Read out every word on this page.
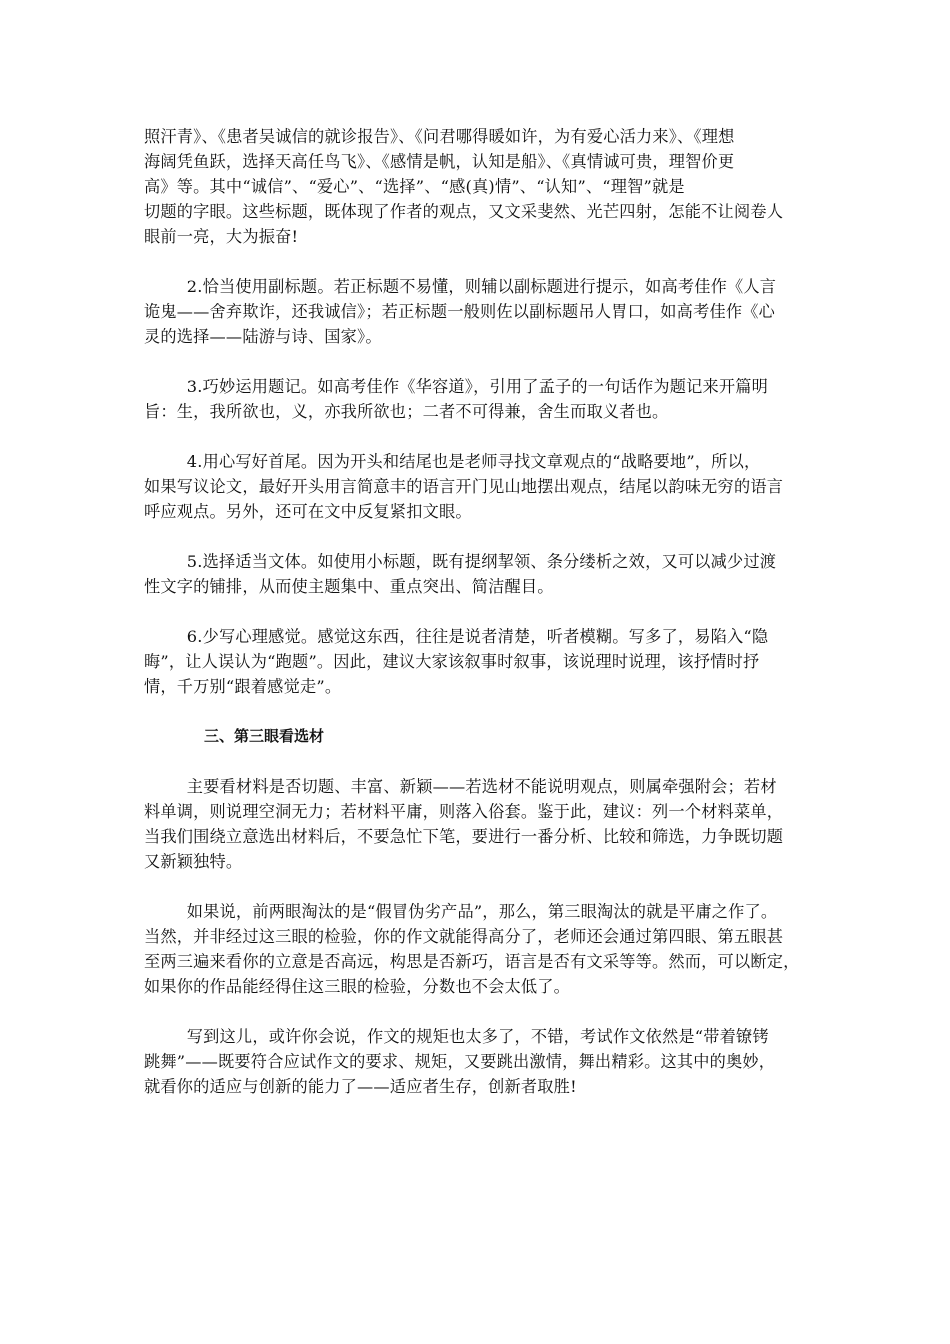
照汗青》、《患者吴诚信的就诊报告》、《问君哪得暖如许，为有爱心活力来》、《理想
海阔凭鱼跃，选择天高任鸟飞》、《感情是帆，认知是船》、《真情诚可贵，理智价更
高》等。其中“诚信”、“爱心”、“选择”、“感(真)情”、“认知”、“理智”就是
切题的字眼。这些标题，既体现了作者的观点，又文采斐然、光芒四射，怎能不让阅卷人
眼前一亮，大为振奋!
2.恰当使用副标题。若正标题不易懂，则辅以副标题进行提示，如高考佳作《人言
诡鬼——舍弃欺诈，还我诚信》；若正标题一般则佐以副标题吊人胃口，如高考佳作《心
灵的选择——陆游与诗、国家》。
3.巧妙运用题记。如高考佳作《华容道》，引用了孟子的一句话作为题记来开篇明
旨：生，我所欲也，义，亦我所欲也；二者不可得兼，舍生而取义者也。
4.用心写好首尾。因为开头和结尾也是老师寻找文章观点的“战略要地”，所以，
如果写议论文，最好开头用言简意丰的语言开门见山地摆出观点，结尾以韵味无穷的语言
呼应观点。另外，还可在文中反复紧扣文眼。
5.选择适当文体。如使用小标题，既有提纲挈领、条分缕析之效，又可以减少过渡
性文字的铺排，从而使主题集中、重点突出、简洁醒目。
6.少写心理感觉。感觉这东西，往往是说者清楚，听者模糊。写多了，易陷入“隐
晦”，让人误认为“跑题”。因此，建议大家该叙事时叙事，该说理时说理，该抒情时抒
情，千万别“跟着感觉走”。
三、第三眼看选材
主要看材料是否切题、丰富、新颖——若选材不能说明观点，则属牵强附会；若材
料单调，则说理空洞无力；若材料平庸，则落入俗套。鉴于此，建议：列一个材料菜单，
当我们围绕立意选出材料后，不要急忙下笔，要进行一番分析、比较和筛选，力争既切题
又新颖独特。
如果说，前两眼淘汰的是“假冒伪劣产品”，那么，第三眼淘汰的就是平庸之作了。
当然，并非经过这三眼的检验，你的作文就能得高分了，老师还会通过第四眼、第五眼甚
至两三遍来看你的立意是否高远，构思是否新巧，语言是否有文采等等。然而，可以断定，
如果你的作品能经得住这三眼的检验，分数也不会太低了。
写到这儿，或许你会说，作文的规矩也太多了，不错，考试作文依然是“带着镣铐
跳舞”——既要符合应试作文的要求、规矩，又要跳出激情，舞出精彩。这其中的奥妙，
就看你的适应与创新的能力了——适应者生存，创新者取胜!
